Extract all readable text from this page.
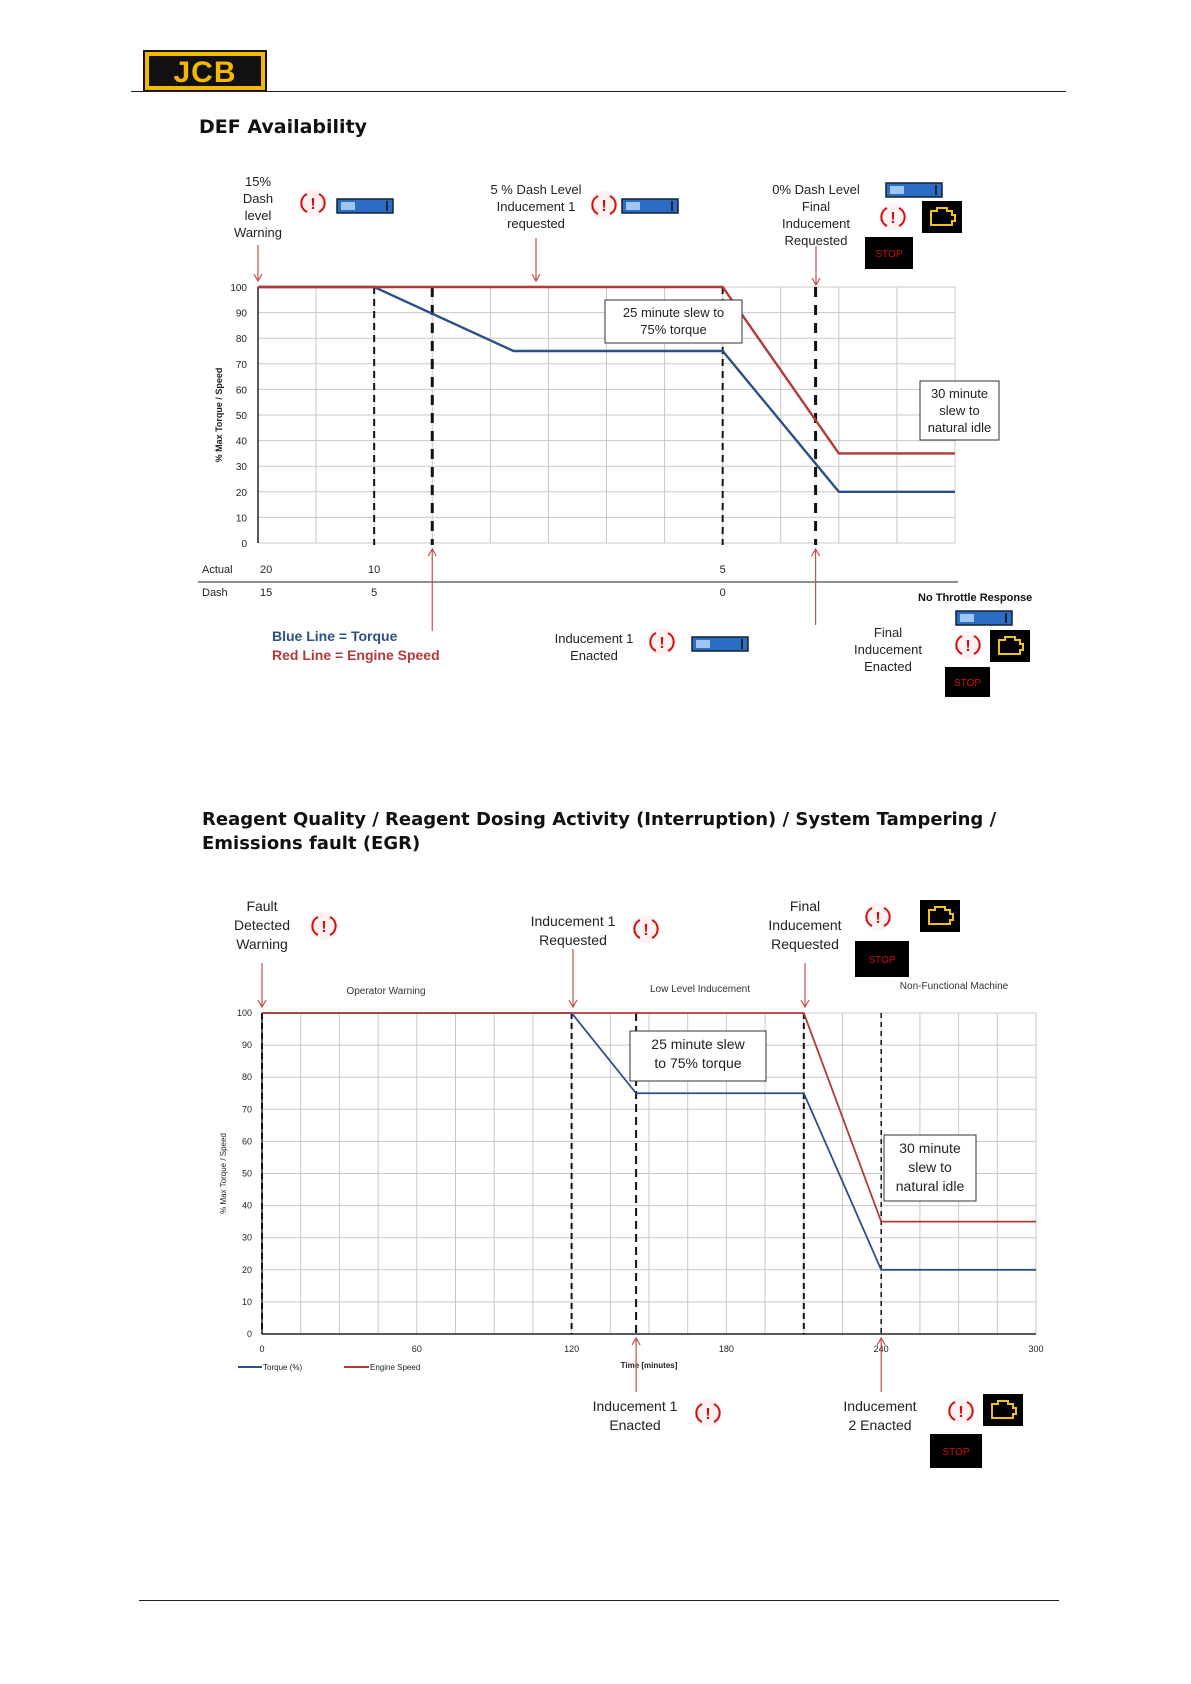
JCB
DEF Availability
100
90
80
70
60
50
40
30
20
10
0
% Max Torque / Speed
Actual 20	10	5
Dash	15	5	0
Blue Line = Torque
Red Line = Engine Speed
15%
Dash
level
Warning
5 % Dash Level
Inducement 1
requested
0% Dash Level
Final
Inducement
Requested
25 minute slew to
75% torque
30 minute
slew to
natural idle
Inducement 1
Enacted
No Throttle Response
Final
Inducement
Enacted
!
:	!
:
!
:
STOP
!
:	!
:
STOP
Reagent Quality / Reagent Dosing Activity (Interruption) / System Tampering / Emissions fault (EGR)
100
90
80
70
60
50
40
30
20
10
0
0	60	120	180	240	300
% Max Torque / Speed
Time [minutes]
Operator Warning	Low Level Inducement	Non-Functional Machine
Torque (%)	Engine Speed
Fault
Detected
Warning
Inducement 1
Requested
Final
Inducement
Requested
25 minute slew
to 75% torque
30 minute
slew to
natural idle
Inducement 1
Enacted
Inducement
2 Enacted
!
:	!
:
!
:
STOP
!
:	!
:
STOP
